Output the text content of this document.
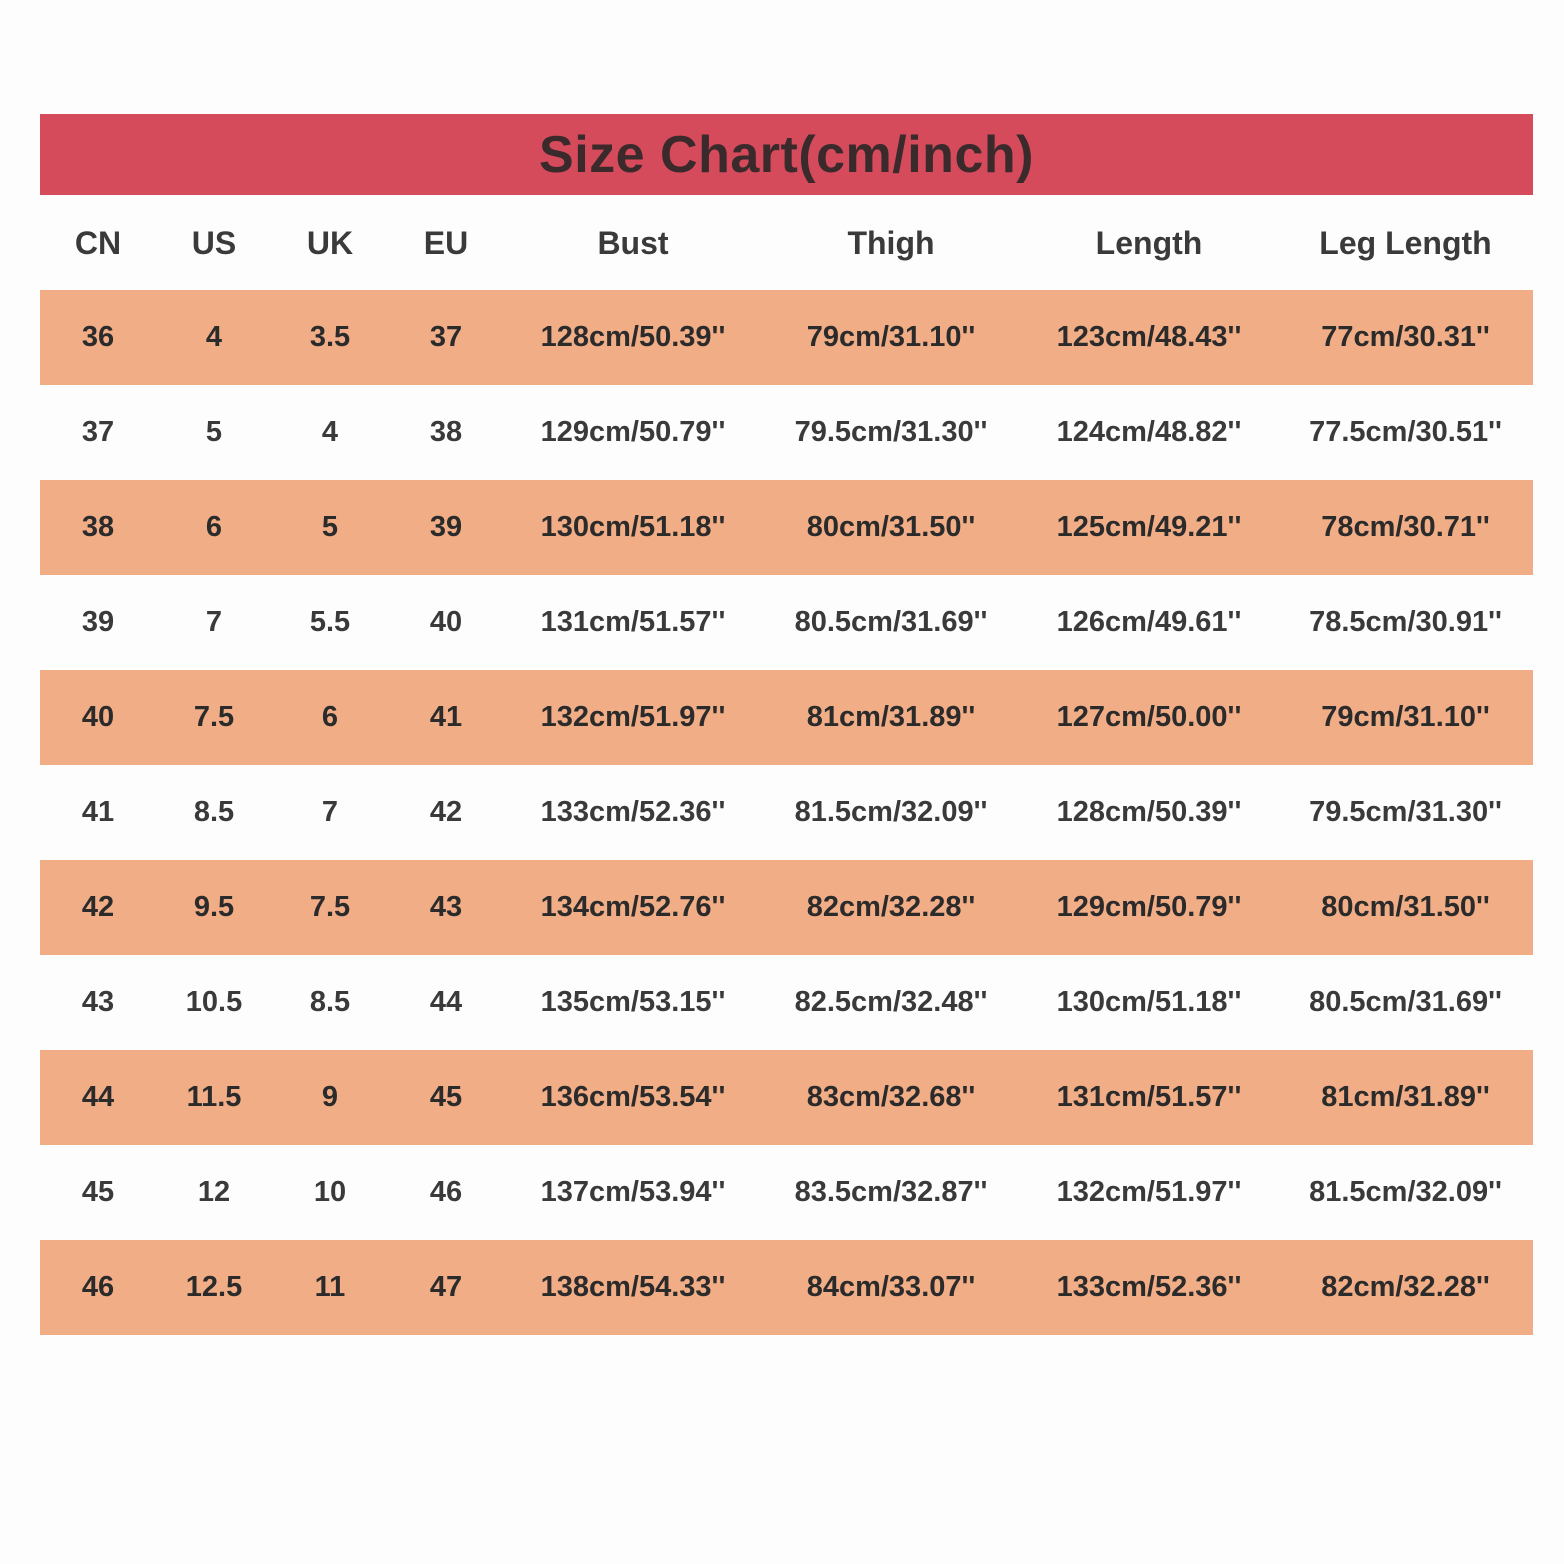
Size Chart(cm/inch)
CN	US	UK	EU	Bust	Thigh	Length	Leg Length
36	4	3.5	37	128cm/50.39''	79cm/31.10''	123cm/48.43''	77cm/30.31''
37	5	4	38	129cm/50.79''	79.5cm/31.30''	124cm/48.82''	77.5cm/30.51''
38	6	5	39	130cm/51.18''	80cm/31.50''	125cm/49.21''	78cm/30.71''
39	7	5.5	40	131cm/51.57''	80.5cm/31.69''	126cm/49.61''	78.5cm/30.91''
40	7.5	6	41	132cm/51.97''	81cm/31.89''	127cm/50.00''	79cm/31.10''
41	8.5	7	42	133cm/52.36''	81.5cm/32.09''	128cm/50.39''	79.5cm/31.30''
42	9.5	7.5	43	134cm/52.76''	82cm/32.28''	129cm/50.79''	80cm/31.50''
43	10.5	8.5	44	135cm/53.15''	82.5cm/32.48''	130cm/51.18''	80.5cm/31.69''
44	11.5	9	45	136cm/53.54''	83cm/32.68''	131cm/51.57''	81cm/31.89''
45	12	10	46	137cm/53.94''	83.5cm/32.87''	132cm/51.97''	81.5cm/32.09''
46	12.5	11	47	138cm/54.33''	84cm/33.07''	133cm/52.36''	82cm/32.28''
